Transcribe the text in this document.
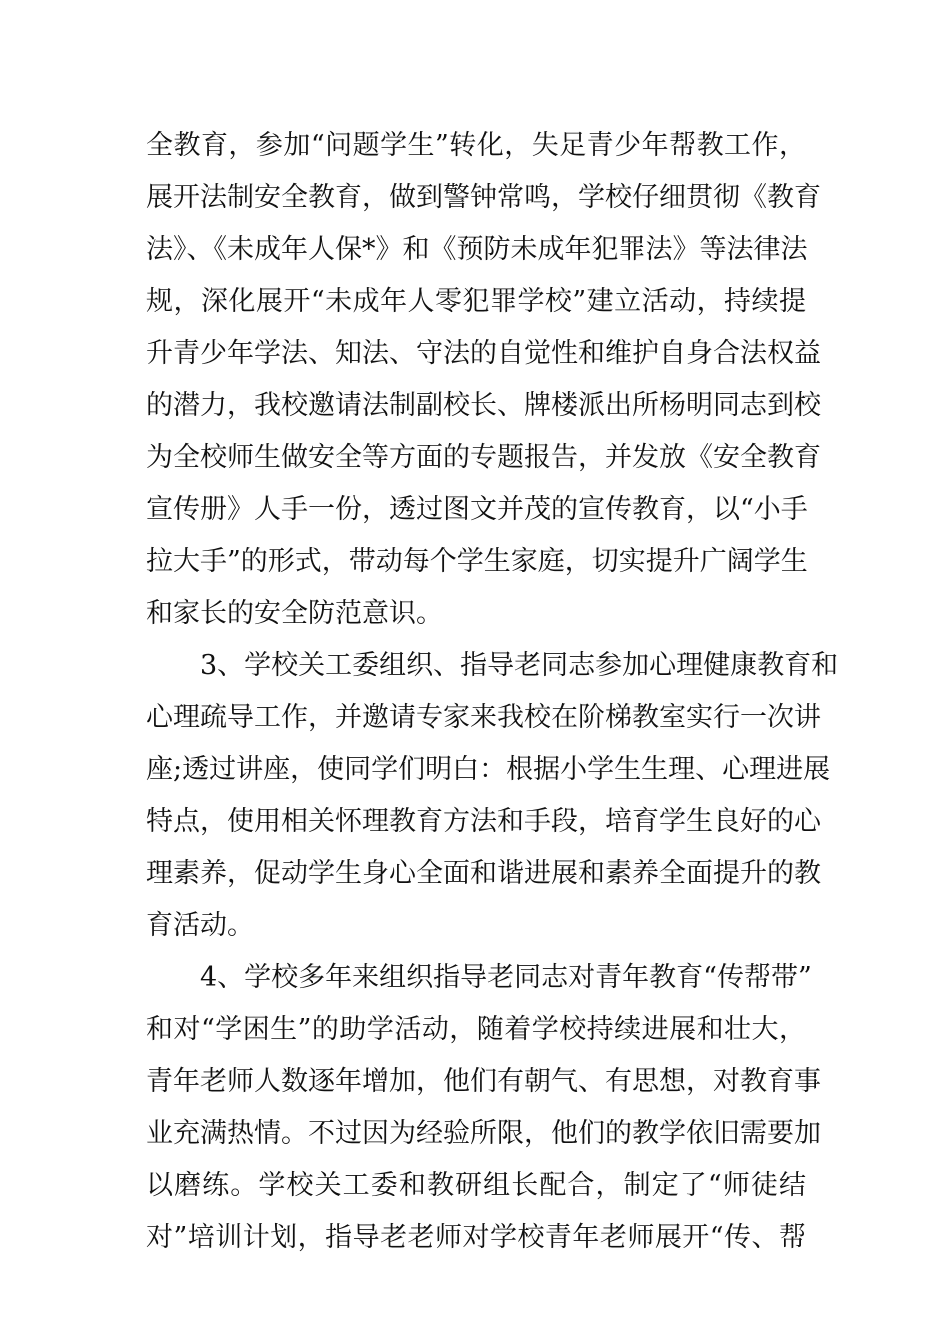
全教育，参加“问题学生”转化，失足青少年帮教工作，
展开法制安全教育，做到警钟常鸣，学校仔细贯彻《教育
法》、《未成年人保*》和《预防未成年犯罪法》等法律法
规，深化展开“未成年人零犯罪学校”建立活动，持续提
升青少年学法、知法、守法的自觉性和维护自身合法权益
的潜力，我校邀请法制副校长、牌楼派出所杨明同志到校
为全校师生做安全等方面的专题报告，并发放《安全教育
宣传册》人手一份，透过图文并茂的宣传教育，以“小手
拉大手”的形式，带动每个学生家庭，切实提升广阔学生
和家长的安全防范意识。
3、学校关工委组织、指导老同志参加心理健康教育和
心理疏导工作，并邀请专家来我校在阶梯教室实行一次讲
座;透过讲座，使同学们明白：根据小学生生理、心理进展
特点，使用相关怀理教育方法和手段，培育学生良好的心
理素养，促动学生身心全面和谐进展和素养全面提升的教
育活动。
4、学校多年来组织指导老同志对青年教育“传帮带”
和对“学困生”的助学活动，随着学校持续进展和壮大，
青年老师人数逐年增加，他们有朝气、有思想，对教育事
业充满热情。不过因为经验所限，他们的教学依旧需要加
以磨练。学校关工委和教研组长配合，制定了“师徒结
对”培训计划，指导老老师对学校青年老师展开“传、帮
